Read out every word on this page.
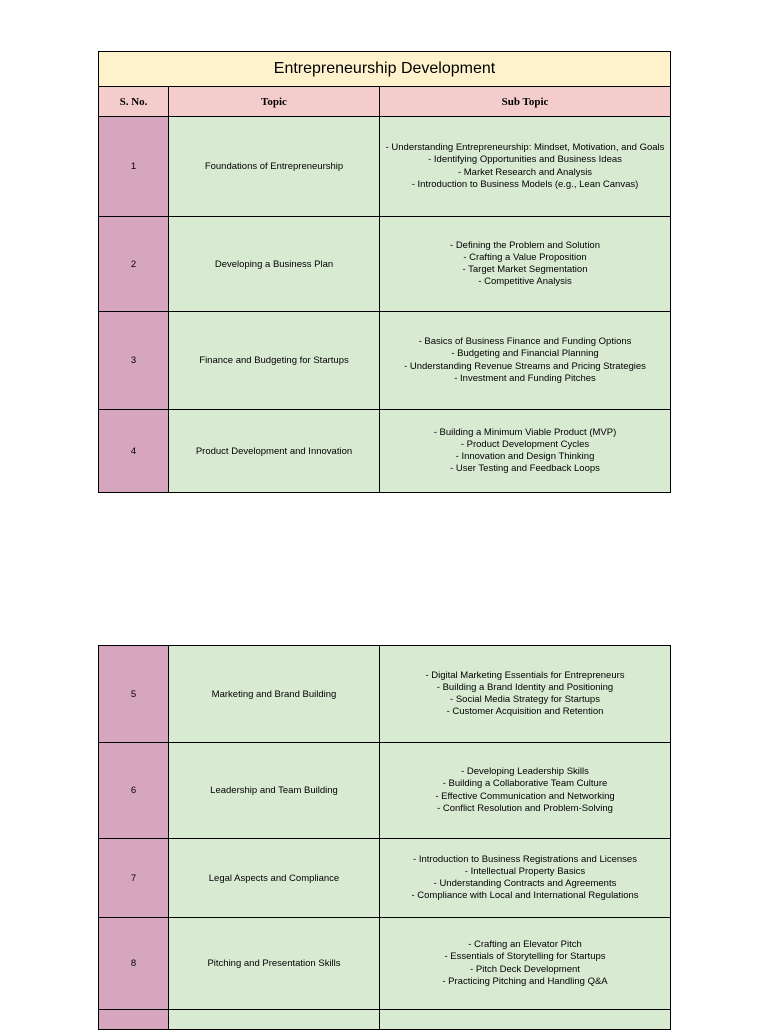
Entrepreneurship Development		
S. No.	Topic	Sub Topic
1	Foundations of Entrepreneurship	- Understanding Entrepreneurship: Mindset, Motivation, and Goals
- Identifying Opportunities and Business Ideas
- Market Research and Analysis
- Introduction to Business Models (e.g., Lean Canvas)

2	Developing a Business Plan	- Defining the Problem and Solution
- Crafting a Value Proposition
- Target Market Segmentation
- Competitive Analysis

3	Finance and Budgeting for Startups	- Basics of Business Finance and Funding Options
- Budgeting and Financial Planning
- Understanding Revenue Streams and Pricing Strategies
- Investment and Funding Pitches

4	Product Development and Innovation	- Building a Minimum Viable Product (MVP)
- Product Development Cycles
- Innovation and Design Thinking
- User Testing and Feedback Loops
5	Marketing and Brand Building	- Digital Marketing Essentials for Entrepreneurs
- Building a Brand Identity and Positioning
- Social Media Strategy for Startups
- Customer Acquisition and Retention

6	Leadership and Team Building	- Developing Leadership Skills
- Building a Collaborative Team Culture
- Effective Communication and Networking
- Conflict Resolution and Problem-Solving

7	Legal Aspects and Compliance	- Introduction to Business Registrations and Licenses
- Intellectual Property Basics
- Understanding Contracts and Agreements
- Compliance with Local and International Regulations

8	Pitching and Presentation Skills	- Crafting an Elevator Pitch
- Essentials of Storytelling for Startups
- Pitch Deck Development
- Practicing Pitching and Handling Q&A
